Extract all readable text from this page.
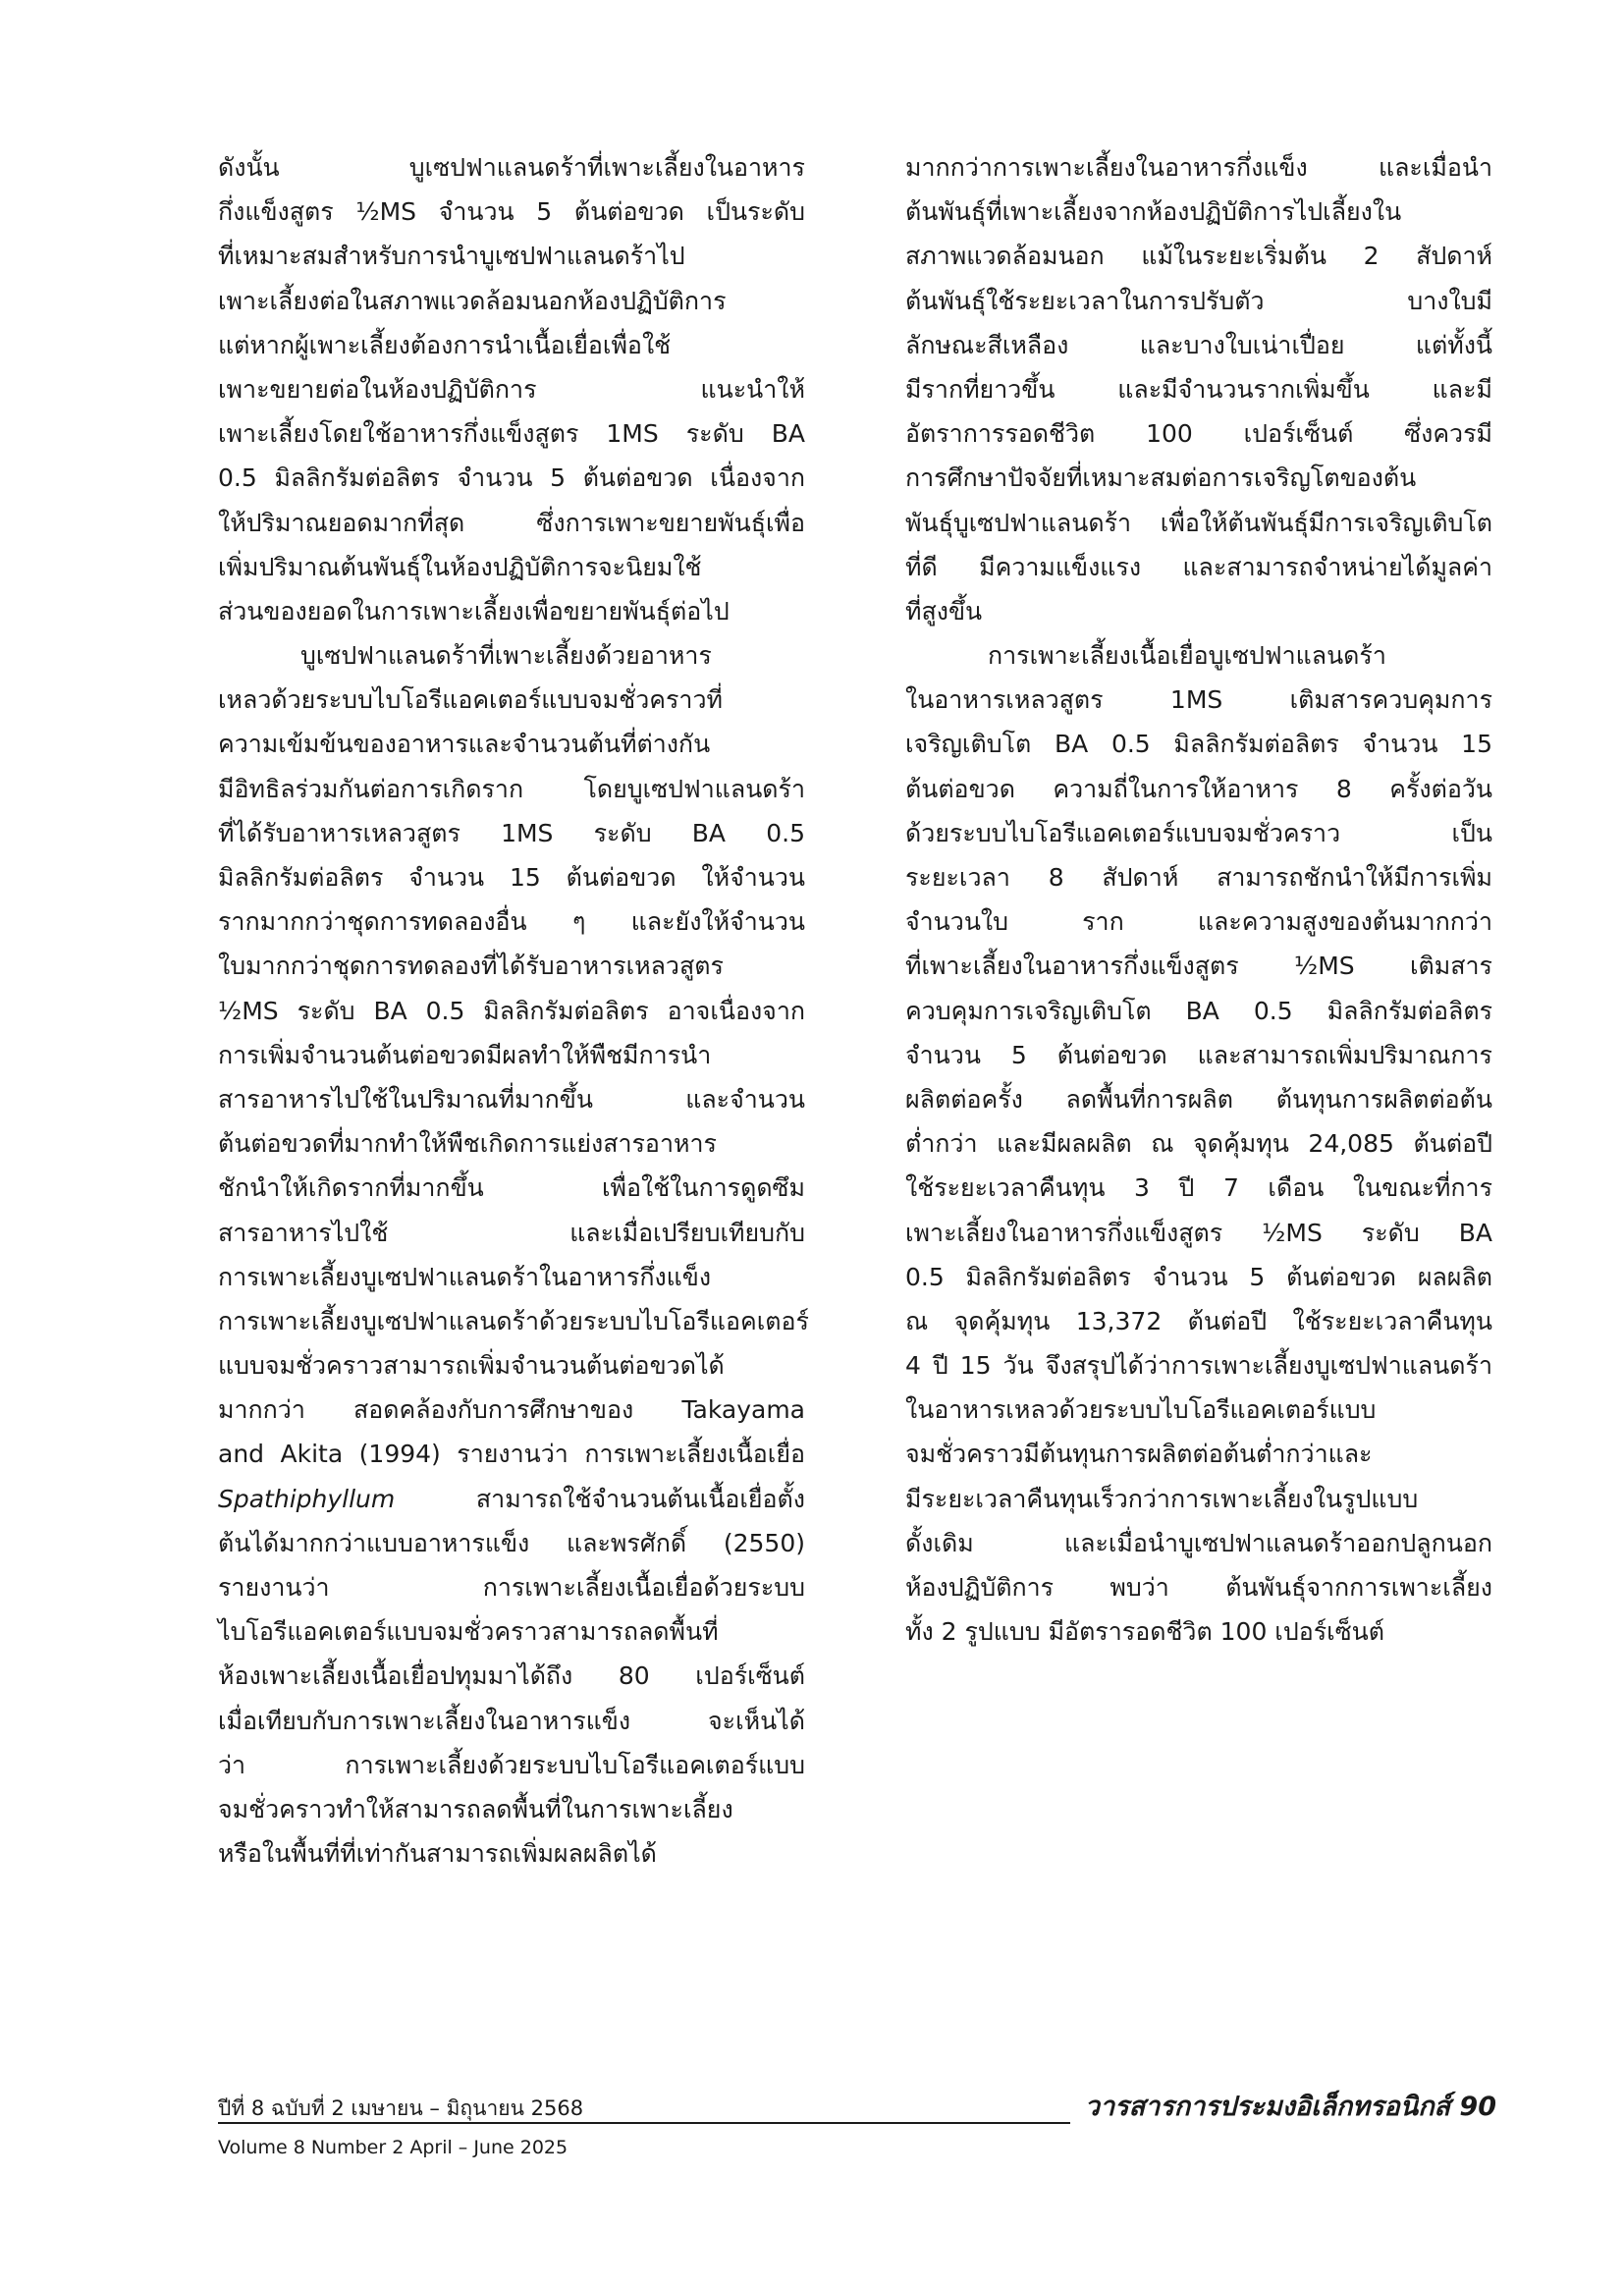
ดังนั้น บูเซปฟาแลนดร้าที่เพาะเลี้ยงในอาหาร
กึ่งแข็งสูตร ½MS จำนวน 5 ต้นต่อขวด เป็นระดับ
ที่เหมาะสมสำหรับการนำบูเซปฟาแลนดร้าไป
เพาะเลี้ยงต่อในสภาพแวดล้อมนอกห้องปฏิบัติการ
แต่หากผู้เพาะเลี้ยงต้องการนำเนื้อเยื่อเพื่อใช้
เพาะขยายต่อในห้องปฏิบัติการ แนะนำให้
เพาะเลี้ยงโดยใช้อาหารกึ่งแข็งสูตร 1MS ระดับ BA
0.5 มิลลิกรัมต่อลิตร จำนวน 5 ต้นต่อขวด เนื่องจาก
ให้ปริมาณยอดมากที่สุด ซึ่งการเพาะขยายพันธุ์เพื่อ
เพิ่มปริมาณต้นพันธุ์ในห้องปฏิบัติการจะนิยมใช้
ส่วนของยอดในการเพาะเลี้ยงเพื่อขยายพันธุ์ต่อไป
บูเซปฟาแลนดร้าที่เพาะเลี้ยงด้วยอาหาร
เหลวด้วยระบบไบโอรีแอคเตอร์แบบจมชั่วคราวที่
ความเข้มข้นของอาหารและจำนวนต้นที่ต่างกัน
มีอิทธิลร่วมกันต่อการเกิดราก โดยบูเซปฟาแลนดร้า
ที่ได้รับอาหารเหลวสูตร 1MS ระดับ BA 0.5
มิลลิกรัมต่อลิตร จำนวน 15 ต้นต่อขวด ให้จำนวน
รากมากกว่าชุดการทดลองอื่น ๆ และยังให้จำนวน
ใบมากกว่าชุดการทดลองที่ได้รับอาหารเหลวสูตร
½MS ระดับ BA 0.5 มิลลิกรัมต่อลิตร อาจเนื่องจาก
การเพิ่มจำนวนต้นต่อขวดมีผลทำให้พืชมีการนำ
สารอาหารไปใช้ในปริมาณที่มากขึ้น และจำนวน
ต้นต่อขวดที่มากทำให้พืชเกิดการแย่งสารอาหาร
ชักนำให้เกิดรากที่มากขึ้น เพื่อใช้ในการดูดซึม
สารอาหารไปใช้ และเมื่อเปรียบเทียบกับ
การเพาะเลี้ยงบูเซปฟาแลนดร้าในอาหารกึ่งแข็ง
การเพาะเลี้ยงบูเซปฟาแลนดร้าด้วยระบบไบโอรีแอคเตอร์
แบบจมชั่วคราวสามารถเพิ่มจำนวนต้นต่อขวดได้
มากกว่า สอดคล้องกับการศึกษาของ Takayama
and Akita (1994) รายงานว่า การเพาะเลี้ยงเนื้อเยื่อ
Spathiphyllum สามารถใช้จำนวนต้นเนื้อเยื่อตั้ง
ต้นได้มากกว่าแบบอาหารแข็ง และพรศักดิ์ (2550)
รายงานว่า การเพาะเลี้ยงเนื้อเยื่อด้วยระบบ
ไบโอรีแอคเตอร์แบบจมชั่วคราวสามารถลดพื้นที่
ห้องเพาะเลี้ยงเนื้อเยื่อปทุมมาได้ถึง 80 เปอร์เซ็นต์
เมื่อเทียบกับการเพาะเลี้ยงในอาหารแข็ง จะเห็นได้
ว่า การเพาะเลี้ยงด้วยระบบไบโอรีแอคเตอร์แบบ
จมชั่วคราวทำให้สามารถลดพื้นที่ในการเพาะเลี้ยง
หรือในพื้นที่ที่เท่ากันสามารถเพิ่มผลผลิตได้
มากกว่าการเพาะเลี้ยงในอาหารกึ่งแข็ง และเมื่อนำ
ต้นพันธุ์ที่เพาะเลี้ยงจากห้องปฏิบัติการไปเลี้ยงใน
สภาพแวดล้อมนอก แม้ในระยะเริ่มต้น 2 สัปดาห์
ต้นพันธุ์ใช้ระยะเวลาในการปรับตัว บางใบมี
ลักษณะสีเหลือง และบางใบเน่าเปื่อย แต่ทั้งนี้
มีรากที่ยาวขึ้น และมีจำนวนรากเพิ่มขึ้น และมี
อัตราการรอดชีวิต 100 เปอร์เซ็นต์ ซึ่งควรมี
การศึกษาปัจจัยที่เหมาะสมต่อการเจริญโตของต้น
พันธุ์บูเซปฟาแลนดร้า เพื่อให้ต้นพันธุ์มีการเจริญเติบโต
ที่ดี มีความแข็งแรง และสามารถจำหน่ายได้มูลค่า
ที่สูงขึ้น
การเพาะเลี้ยงเนื้อเยื่อบูเซปฟาแลนดร้า
ในอาหารเหลวสูตร 1MS เติมสารควบคุมการ
เจริญเติบโต BA 0.5 มิลลิกรัมต่อลิตร จำนวน 15
ต้นต่อขวด ความถี่ในการให้อาหาร 8 ครั้งต่อวัน
ด้วยระบบไบโอรีแอคเตอร์แบบจมชั่วคราว เป็น
ระยะเวลา 8 สัปดาห์ สามารถชักนำให้มีการเพิ่ม
จำนวนใบ ราก และความสูงของต้นมากกว่า
ที่เพาะเลี้ยงในอาหารกึ่งแข็งสูตร ½MS เติมสาร
ควบคุมการเจริญเติบโต BA 0.5 มิลลิกรัมต่อลิตร
จำนวน 5 ต้นต่อขวด และสามารถเพิ่มปริมาณการ
ผลิตต่อครั้ง ลดพื้นที่การผลิต ต้นทุนการผลิตต่อต้น
ต่ำกว่า และมีผลผลิต ณ จุดคุ้มทุน 24,085 ต้นต่อปี
ใช้ระยะเวลาคืนทุน 3 ปี 7 เดือน ในขณะที่การ
เพาะเลี้ยงในอาหารกึ่งแข็งสูตร ½MS ระดับ BA
0.5 มิลลิกรัมต่อลิตร จำนวน 5 ต้นต่อขวด ผลผลิต
ณ จุดคุ้มทุน 13,372 ต้นต่อปี ใช้ระยะเวลาคืนทุน
4 ปี 15 วัน จึงสรุปได้ว่าการเพาะเลี้ยงบูเซปฟาแลนดร้า
ในอาหารเหลวด้วยระบบไบโอรีแอคเตอร์แบบ
จมชั่วคราวมีต้นทุนการผลิตต่อต้นต่ำกว่าและ
มีระยะเวลาคืนทุนเร็วกว่าการเพาะเลี้ยงในรูปแบบ
ดั้งเดิม และเมื่อนำบูเซปฟาแลนดร้าออกปลูกนอก
ห้องปฏิบัติการ พบว่า ต้นพันธุ์จากการเพาะเลี้ยง
ทั้ง 2 รูปแบบ มีอัตรารอดชีวิต 100 เปอร์เซ็นต์
ปีที่ 8 ฉบับที่ 2 เมษายน – มิถุนายน 2568
Volume 8 Number 2 April – June 2025
วารสารการประมงอิเล็กทรอนิกส์ 90
